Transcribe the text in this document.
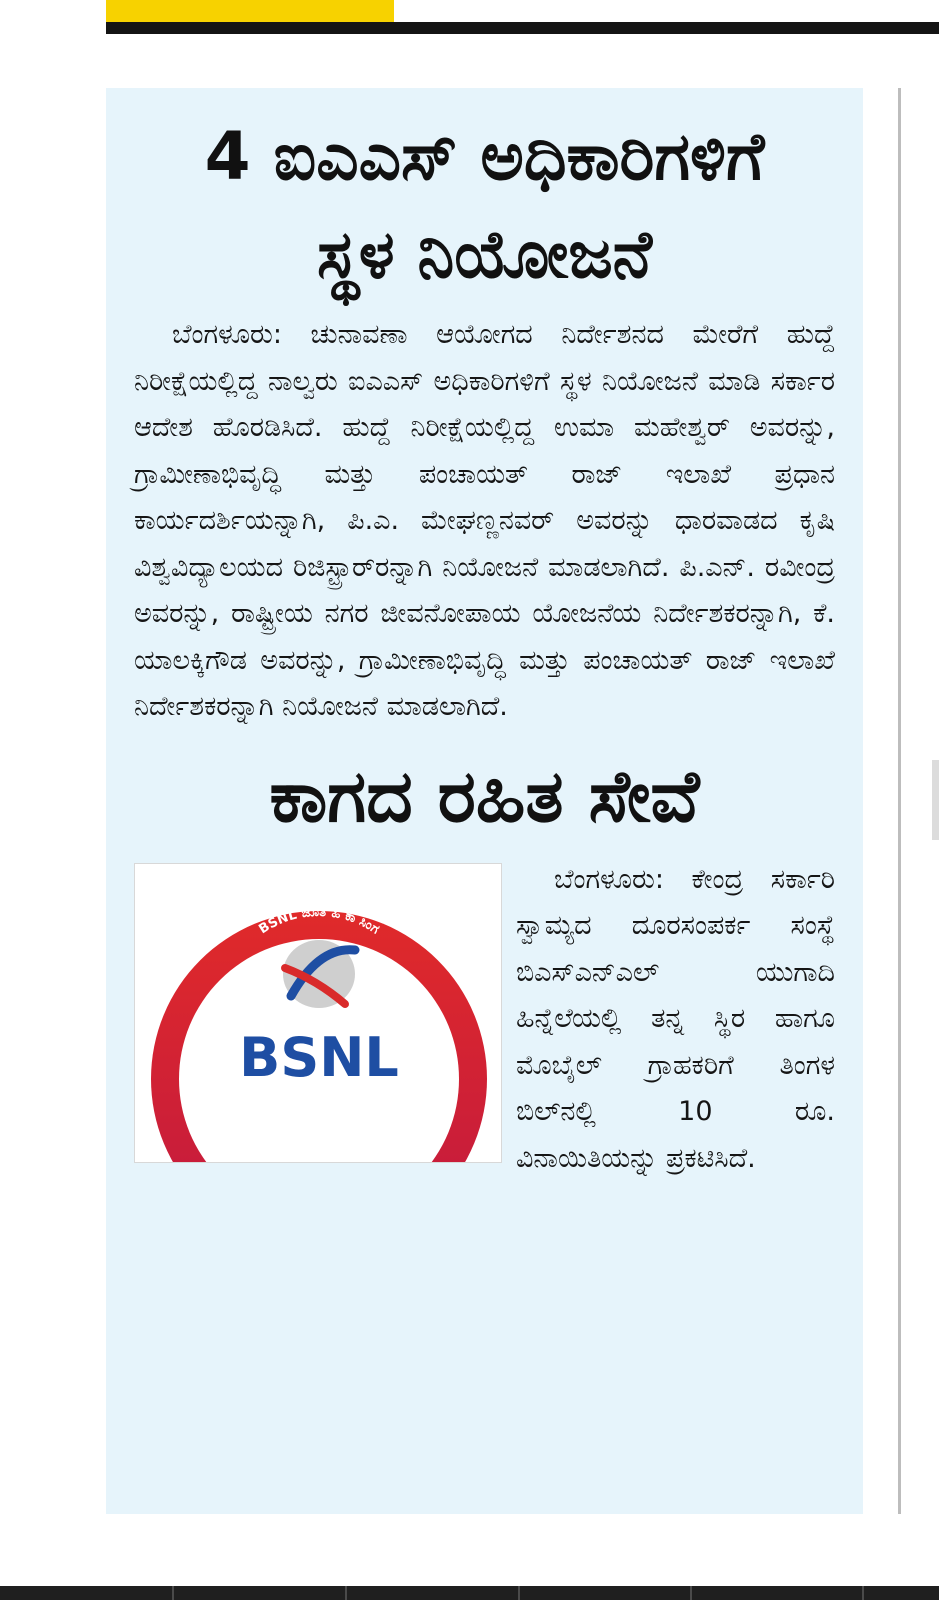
4 ಐಎಎಸ್ ಅಧಿಕಾರಿಗಳಿಗೆ
ಸ್ಥಳ ನಿಯೋಜನೆ

ಬೆಂಗಳೂರು: ಚುನಾವಣಾ ಆಯೋಗದ ನಿರ್ದೇಶನದ ಮೇರೆಗೆ ಹುದ್ದೆ ನಿರೀಕ್ಷೆಯಲ್ಲಿದ್ದ ನಾಲ್ವರು ಐಎಎಸ್ ಅಧಿಕಾರಿಗಳಿಗೆ ಸ್ಥಳ ನಿಯೋಜನೆ ಮಾಡಿ ಸರ್ಕಾರ ಆದೇಶ ಹೊರಡಿಸಿದೆ. ಹುದ್ದೆ ನಿರೀಕ್ಷೆಯಲ್ಲಿದ್ದ ಉಮಾ ಮಹೇಶ್ವರ್ ಅವರನ್ನು, ಗ್ರಾಮೀಣಾಭಿವೃದ್ಧಿ ಮತ್ತು ಪಂಚಾಯತ್ ರಾಜ್ ಇಲಾಖೆ ಪ್ರಧಾನ ಕಾರ್ಯದರ್ಶಿಯನ್ನಾಗಿ, ಪಿ.ಎ. ಮೇಘಣ್ಣನವರ್ ಅವರನ್ನು ಧಾರವಾಡದ ಕೃಷಿ ವಿಶ್ವವಿದ್ಯಾಲಯದ ರಿಜಿಸ್ಟ್ರಾರ್‌ರನ್ನಾಗಿ ನಿಯೋಜನೆ ಮಾಡಲಾಗಿದೆ. ಪಿ.ಎನ್. ರವೀಂದ್ರ ಅವರನ್ನು, ರಾಷ್ಟ್ರೀಯ ನಗರ ಜೀವನೋಪಾಯ ಯೋಜನೆಯ ನಿರ್ದೇಶಕರನ್ನಾಗಿ, ಕೆ. ಯಾಲಕ್ಕಿಗೌಡ ಅವರನ್ನು, ಗ್ರಾಮೀಣಾಭಿವೃದ್ಧಿ ಮತ್ತು ಪಂಚಾಯತ್ ರಾಜ್ ಇಲಾಖೆ ನಿರ್ದೇಶಕರನ್ನಾಗಿ ನಿಯೋಜನೆ ಮಾಡಲಾಗಿದೆ.

ಕಾಗದ ರಹಿತ ಸೇವೆ
BSNL ಜೊತೆ ಹಿ ಕಾ ಸಿಂಗ
BSNL

ಬೆಂಗಳೂರು: ಕೇಂದ್ರ ಸರ್ಕಾರಿ ಸ್ವಾಮ್ಯದ ದೂರಸಂಪರ್ಕ ಸಂಸ್ಥೆ ಬಿಎಸ್‌ಎನ್‌ಎಲ್ ಯುಗಾದಿ ಹಿನ್ನೆಲೆಯಲ್ಲಿ ತನ್ನ ಸ್ಥಿರ ಹಾಗೂ ಮೊಬೈಲ್ ಗ್ರಾಹಕರಿಗೆ ತಿಂಗಳ ಬಿಲ್‌ನಲ್ಲಿ 10 ರೂ. ವಿನಾಯಿತಿಯನ್ನು ಪ್ರಕಟಿಸಿದೆ.
